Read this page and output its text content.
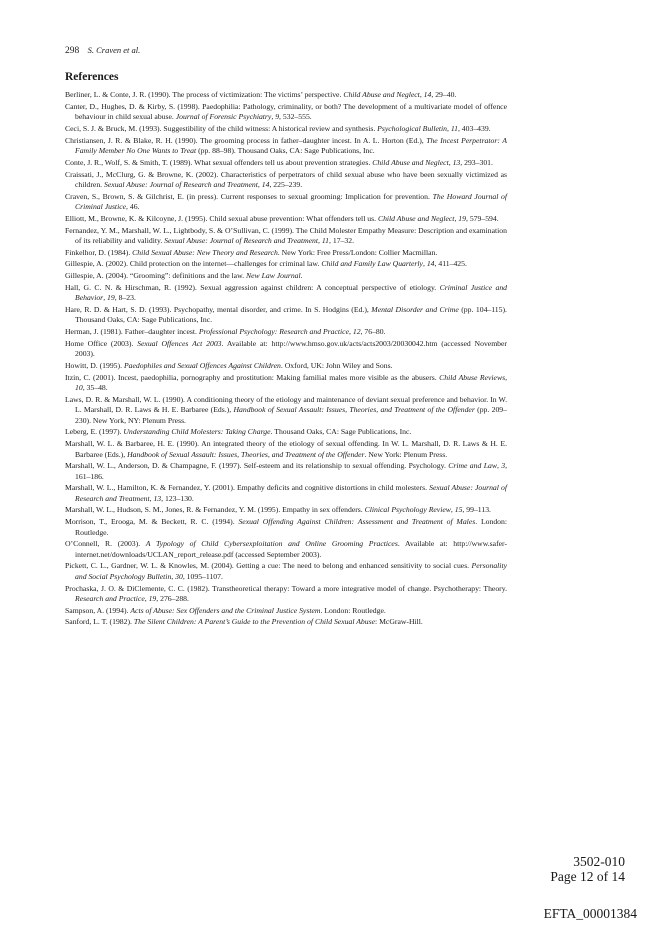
298 S. Craven et al.
References
Berliner, L. & Conte, J. R. (1990). The process of victimization: The victims’ perspective. Child Abuse and Neglect, 14, 29–40.
Canter, D., Hughes, D. & Kirby, S. (1998). Paedophilia: Pathology, criminality, or both? The development of a multivariate model of offence behaviour in child sexual abuse. Journal of Forensic Psychiatry, 9, 532–555.
Ceci, S. J. & Bruck, M. (1993). Suggestibility of the child witness: A historical review and synthesis. Psychological Bulletin, 11, 403–439.
Christiansen, J. R. & Blake, R. H. (1990). The grooming process in father–daughter incest. In A. L. Horton (Ed.), The Incest Perpetrator: A Family Member No One Wants to Treat (pp. 88–98). Thousand Oaks, CA: Sage Publications, Inc.
Conte, J. R., Wolf, S. & Smith, T. (1989). What sexual offenders tell us about prevention strategies. Child Abuse and Neglect, 13, 293–301.
Craissati, J., McClurg, G. & Browne, K. (2002). Characteristics of perpetrators of child sexual abuse who have been sexually victimized as children. Sexual Abuse: Journal of Research and Treatment, 14, 225–239.
Craven, S., Brown, S. & Gilchrist, E. (in press). Current responses to sexual grooming: Implication for prevention. The Howard Journal of Criminal Justice, 46.
Elliott, M., Browne, K. & Kilcoyne, J. (1995). Child sexual abuse prevention: What offenders tell us. Child Abuse and Neglect, 19, 579–594.
Fernandez, Y. M., Marshall, W. L., Lightbody, S. & O’Sullivan, C. (1999). The Child Molester Empathy Measure: Description and examination of its reliability and validity. Sexual Abuse: Journal of Research and Treatment, 11, 17–32.
Finkelhor, D. (1984). Child Sexual Abuse: New Theory and Research. New York: Free Press/London: Collier Macmillan.
Gillespie, A. (2002). Child protection on the internet—challenges for criminal law. Child and Family Law Quarterly, 14, 411–425.
Gillespie, A. (2004). “Grooming”: definitions and the law. New Law Journal.
Hall, G. C. N. & Hirschman, R. (1992). Sexual aggression against children: A conceptual perspective of etiology. Criminal Justice and Behavior, 19, 8–23.
Hare, R. D. & Hart, S. D. (1993). Psychopathy, mental disorder, and crime. In S. Hodgins (Ed.), Mental Disorder and Crime (pp. 104–115). Thousand Oaks, CA: Sage Publications, Inc.
Herman, J. (1981). Father–daughter incest. Professional Psychology: Research and Practice, 12, 76–80.
Home Office (2003). Sexual Offences Act 2003. Available at: http://www.hmso.gov.uk/acts/acts2003/20030042.htm (accessed November 2003).
Howitt, D. (1995). Paedophiles and Sexual Offences Against Children. Oxford, UK: John Wiley and Sons.
Itzin, C. (2001). Incest, paedophilia, pornography and prostitution: Making familial males more visible as the abusers. Child Abuse Reviews, 10, 35–48.
Laws, D. R. & Marshall, W. L. (1990). A conditioning theory of the etiology and maintenance of deviant sexual preference and behavior. In W. L. Marshall, D. R. Laws & H. E. Barbaree (Eds.), Handbook of Sexual Assault: Issues, Theories, and Treatment of the Offender (pp. 209–230). New York, NY: Plenum Press.
Leberg, E. (1997). Understanding Child Molesters: Taking Charge. Thousand Oaks, CA: Sage Publications, Inc.
Marshall, W. L. & Barbaree, H. E. (1990). An integrated theory of the etiology of sexual offending. In W. L. Marshall, D. R. Laws & H. E. Barbaree (Eds.), Handbook of Sexual Assault: Issues, Theories, and Treatment of the Offender. New York: Plenum Press.
Marshall, W. L., Anderson, D. & Champagne, F. (1997). Self-esteem and its relationship to sexual offending. Psychology. Crime and Law, 3, 161–186.
Marshall, W. L., Hamilton, K. & Fernandez, Y. (2001). Empathy deficits and cognitive distortions in child molesters. Sexual Abuse: Journal of Research and Treatment, 13, 123–130.
Marshall, W. L., Hudson, S. M., Jones, R. & Fernandez, Y. M. (1995). Empathy in sex offenders. Clinical Psychology Review, 15, 99–113.
Morrison, T., Erooga, M. & Beckett, R. C. (1994). Sexual Offending Against Children: Assessment and Treatment of Males. London: Routledge.
O’Connell, R. (2003). A Typology of Child Cybersexploitation and Online Grooming Practices. Available at: http://www.safer-internet.net/downloads/UCLAN_report_release.pdf (accessed September 2003).
Pickett, C. L., Gardner, W. L. & Knowles, M. (2004). Getting a cue: The need to belong and enhanced sensitivity to social cues. Personality and Social Psychology Bulletin, 30, 1095–1107.
Prochaska, J. O. & DiClemente, C. C. (1982). Transtheoretical therapy: Toward a more integrative model of change. Psychotherapy: Theory. Research and Practice, 19, 276–288.
Sampson, A. (1994). Acts of Abuse: Sex Offenders and the Criminal Justice System. London: Routledge.
Sanford, L. T. (1982). The Silent Children: A Parent’s Guide to the Prevention of Child Sexual Abuse: McGraw-Hill.
3502-010
Page 12 of 14
EFTA_00001384
